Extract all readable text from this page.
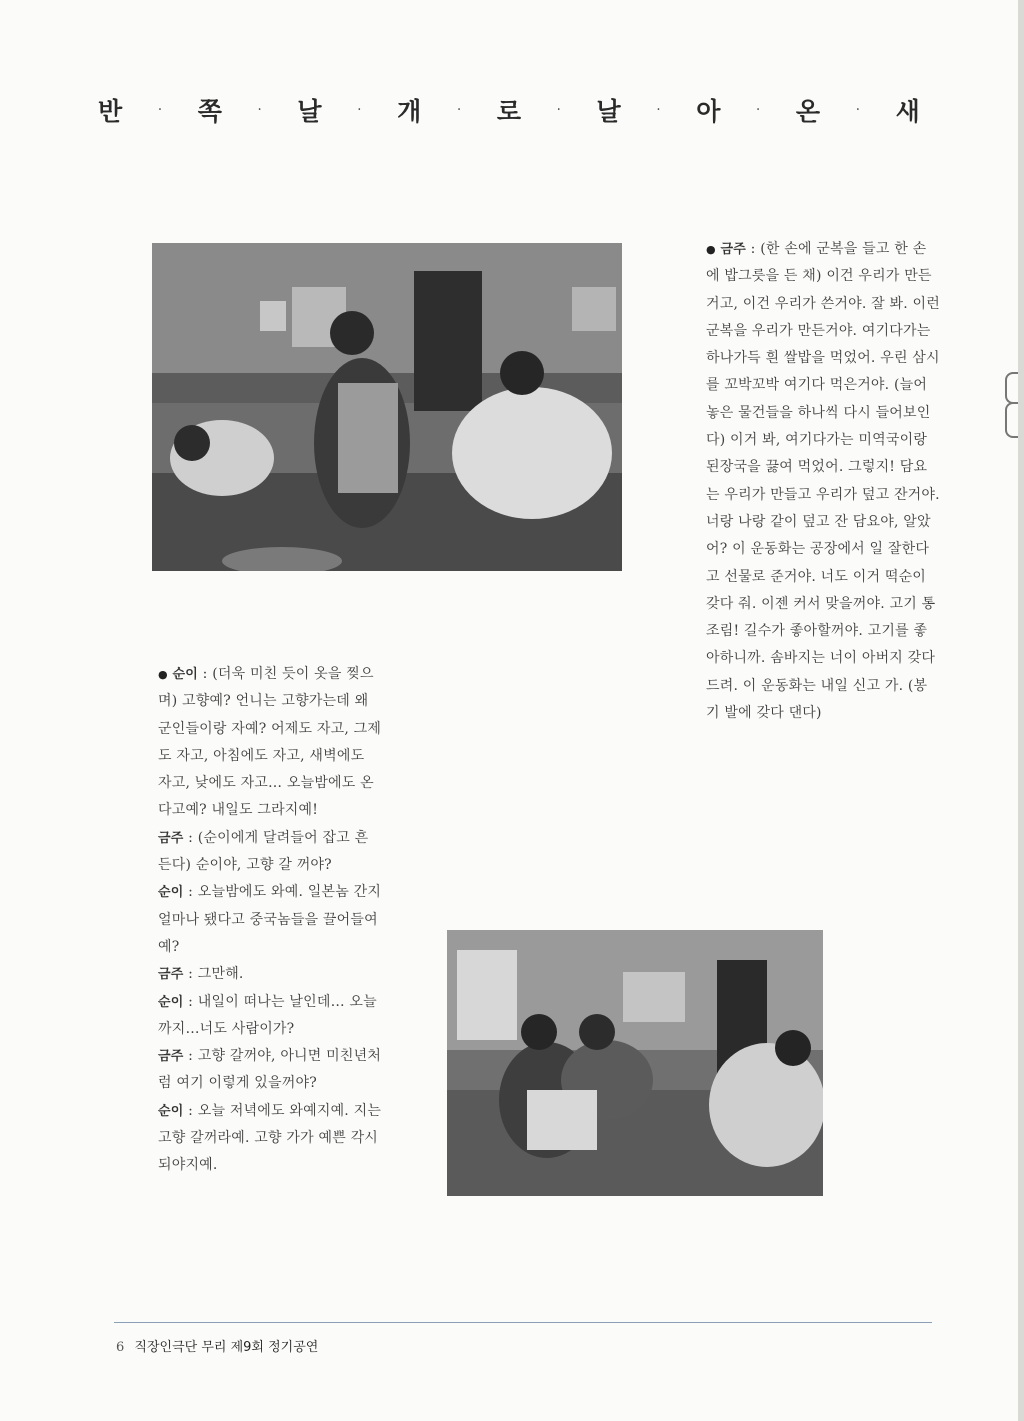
반	· 쪽	· 날	· 개	· 로	· 날	· 아	· 온	· 새

● 금주 : (한 손에 군복을 들고 한 손에 밥그릇을 든 채) 이건 우리가 만든 거고, 이건 우리가 쓴거야. 잘 봐. 이런 군복을 우리가 만든거야. 여기다가는 하나가득 흰 쌀밥을 먹었어. 우린 삼시를 꼬박꼬박 여기다 먹은거야. (늘어놓은 물건들을 하나씩 다시 들어보인다) 이거 봐, 여기다가는 미역국이랑 된장국을 끓여 먹었어. 그렇지! 담요는 우리가 만들고 우리가 덮고 잔거야. 너랑 나랑 같이 덮고 잔 담요야, 알았어? 이 운동화는 공장에서 일 잘한다고 선물로 준거야. 너도 이거 떡순이 갖다 줘. 이젠 커서 맞을꺼야. 고기 통조림! 길수가 좋아할꺼야. 고기를 좋아하니까. 솜바지는 너이 아버지 갖다드려. 이 운동화는 내일 신고 가. (봉기 발에 갖다 댄다)

● 순이 : (더욱 미친 듯이 옷을 찢으며) 고향예? 언니는 고향가는데 왜 군인들이랑 자예? 어제도 자고, 그제도 자고, 아침에도 자고, 새벽에도 자고, 낮에도 자고… 오늘밤에도 온다고예? 내일도 그라지예!

금주 : (순이에게 달려들어 잡고 흔든다) 순이야, 고향 갈 꺼야?

순이 : 오늘밤에도 와예. 일본놈 간지 얼마나 됐다고 중국놈들을 끌어들여예?

금주 : 그만해.

순이 : 내일이 떠나는 날인데… 오늘까지…너도 사람이가?

금주 : 고향 갈꺼야, 아니면 미친년처럼 여기 이렇게 있을꺼야?

순이 : 오늘 저녁에도 와예지예. 지는 고향 갈꺼라예. 고향 가가 예쁜 각시 되야지예.

6 직장인극단 무리 제9회 정기공연
